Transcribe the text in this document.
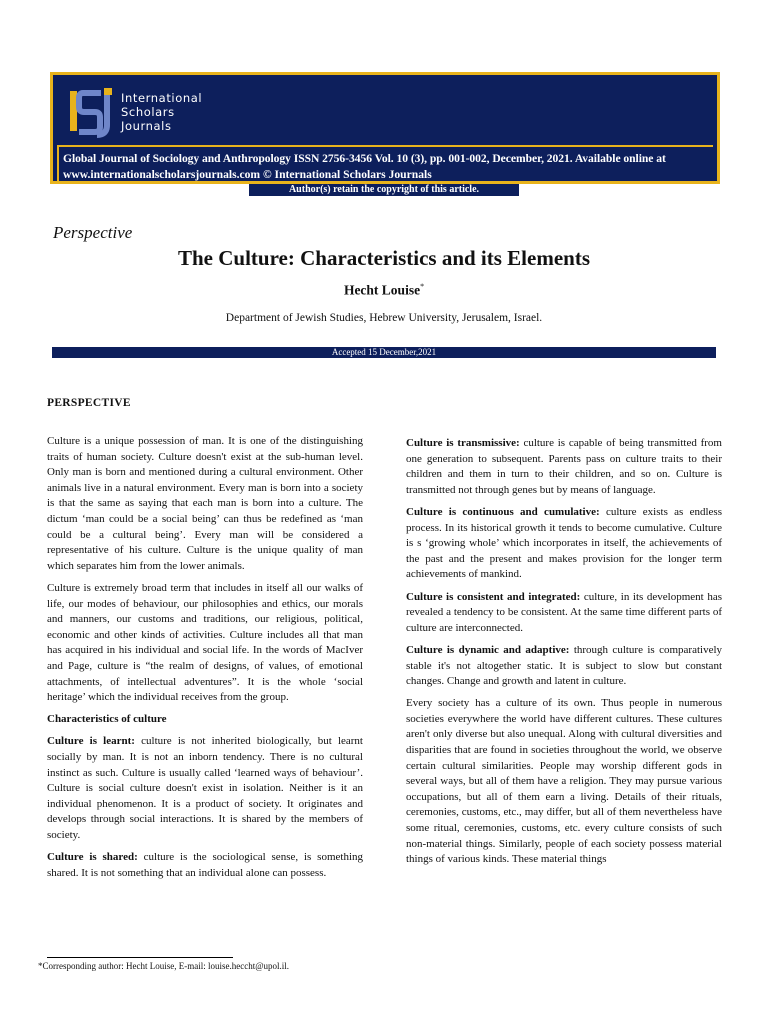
International
Scholars
Journals
Global Journal of Sociology and Anthropology ISSN 2756-3456 Vol. 10 (3), pp. 001-002, December, 2021. Available online at
www.internationalscholarsjournals.com © International Scholars Journals
Author(s) retain the copyright of this article.
Perspective
The Culture: Characteristics and its Elements
Hecht Louise*
Department of Jewish Studies, Hebrew University, Jerusalem, Israel.
Accepted 15 December,2021
PERSPECTIVE

Culture is a unique possession of man. It is one of the distinguishing traits of human society. Culture doesn't exist at the sub-human level. Only man is born and mentioned during a cultural environment. Other animals live in a natural environment. Every man is born into a society is that the same as saying that each man is born into a culture. The dictum ‘man could be a social being’ can thus be redefined as ‘man could be a cultural being’. Every man will be considered a representative of his culture. Culture is the unique quality of man which separates him from the lower animals.

Culture is extremely broad term that includes in itself all our walks of life, our modes of behaviour, our philosophies and ethics, our morals and manners, our customs and traditions, our religious, political, economic and other kinds of activities. Culture includes all that man has acquired in his individual and social life. In the words of MacIver and Page, culture is “the realm of designs, of values, of emotional attachments, of intellectual adventures”. It is the whole ‘social heritage’ which the individual receives from the group.

Characteristics of culture

Culture is learnt: culture is not inherited biologically, but learnt socially by man. It is not an inborn tendency. There is no cultural instinct as such. Culture is usually called ‘learned ways of behaviour’. Culture is social culture doesn't exist in isolation. Neither is it an individual phenomenon. It is a product of society. It originates and develops through social interactions. It is shared by the members of society.

Culture is shared: culture is the sociological sense, is something shared. It is not something that an individual alone can possess.

Culture is transmissive: culture is capable of being transmitted from one generation to subsequent. Parents pass on culture traits to their children and them in turn to their children, and so on. Culture is transmitted not through genes but by means of language.

Culture is continuous and cumulative: culture exists as endless process. In its historical growth it tends to become cumulative. Culture is s ‘growing whole’ which incorporates in itself, the achievements of the past and the present and makes provision for the longer term achievements of mankind.

Culture is consistent and integrated: culture, in its development has revealed a tendency to be consistent. At the same time different parts of culture are interconnected.

Culture is dynamic and adaptive: through culture is comparatively stable it's not altogether static. It is subject to slow but constant changes. Change and growth and latent in culture.

Every society has a culture of its own. Thus people in numerous societies everywhere the world have different cultures. These cultures aren't only diverse but also unequal. Along with cultural diversities and disparities that are found in societies throughout the world, we observe certain cultural similarities. People may worship different gods in several ways, but all of them have a religion. They may pursue various occupations, but all of them earn a living. Details of their rituals, ceremonies, customs, etc., may differ, but all of them nevertheless have some ritual, ceremonies, customs, etc. every culture consists of such non-material things. Similarly, people of each society possess material things of various kinds. These material things

*Corresponding author: Hecht Louise, E-mail: louise.heccht@upol.il.
